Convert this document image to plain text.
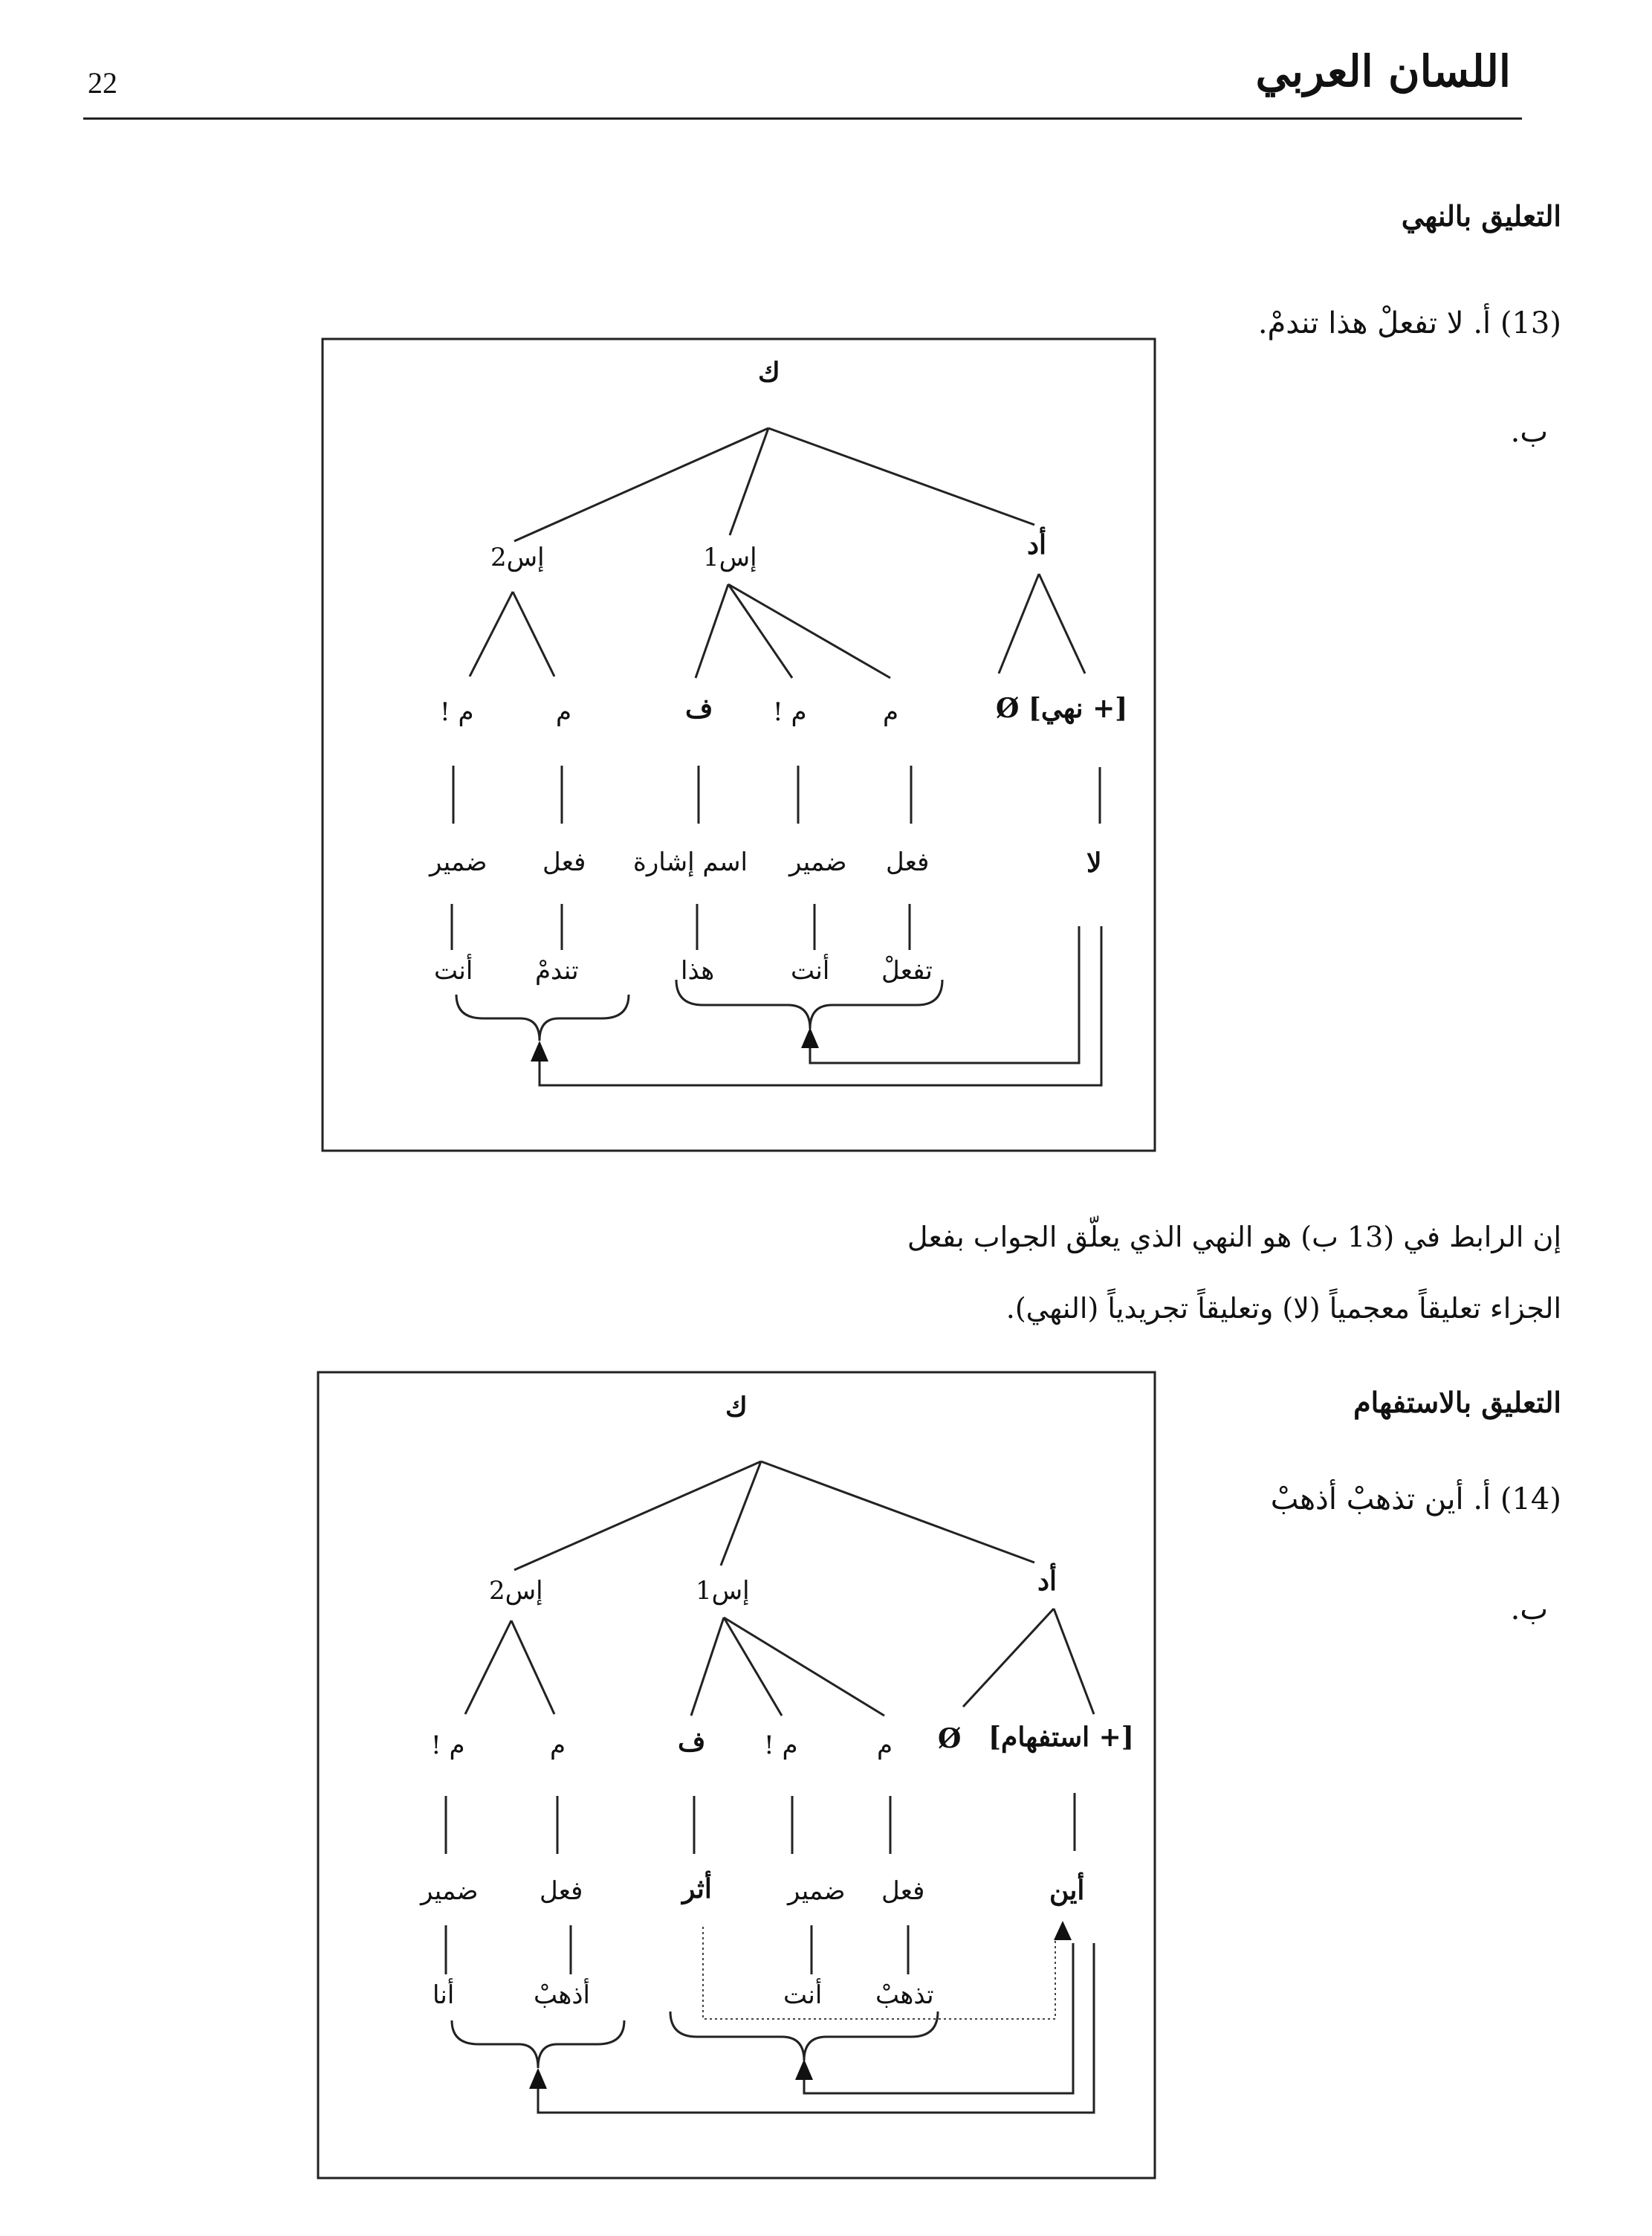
22	اللسان العربي
التعليق بالنهي
(13) أ. لا تفعلْ هذا تندمْ.
ب.
ك
أد
إس1
إس2
[+ نهي] Ø
م
م !
ف
م
م !
لا
فعل
ضمير
اسم إشارة
فعل
ضمير
تفعلْ
أنت
هذا
تندمْ
أنت
إن الرابط في (13 ب) هو النهي الذي يعلّق الجواب بفعل
الجزاء تعليقاً معجمياً (لا) وتعليقاً تجريدياً (النهي).
التعليق بالاستفهام
(14) أ. أين تذهبْ أذهبْ
ب.
ك
أد
إس1
إس2
[+ استفهام]
Ø
م
م !
ف
م
م !
أين
فعل
ضمير
أثر
فعل
ضمير
تذهبْ
أنت
أذهبْ
أنا
